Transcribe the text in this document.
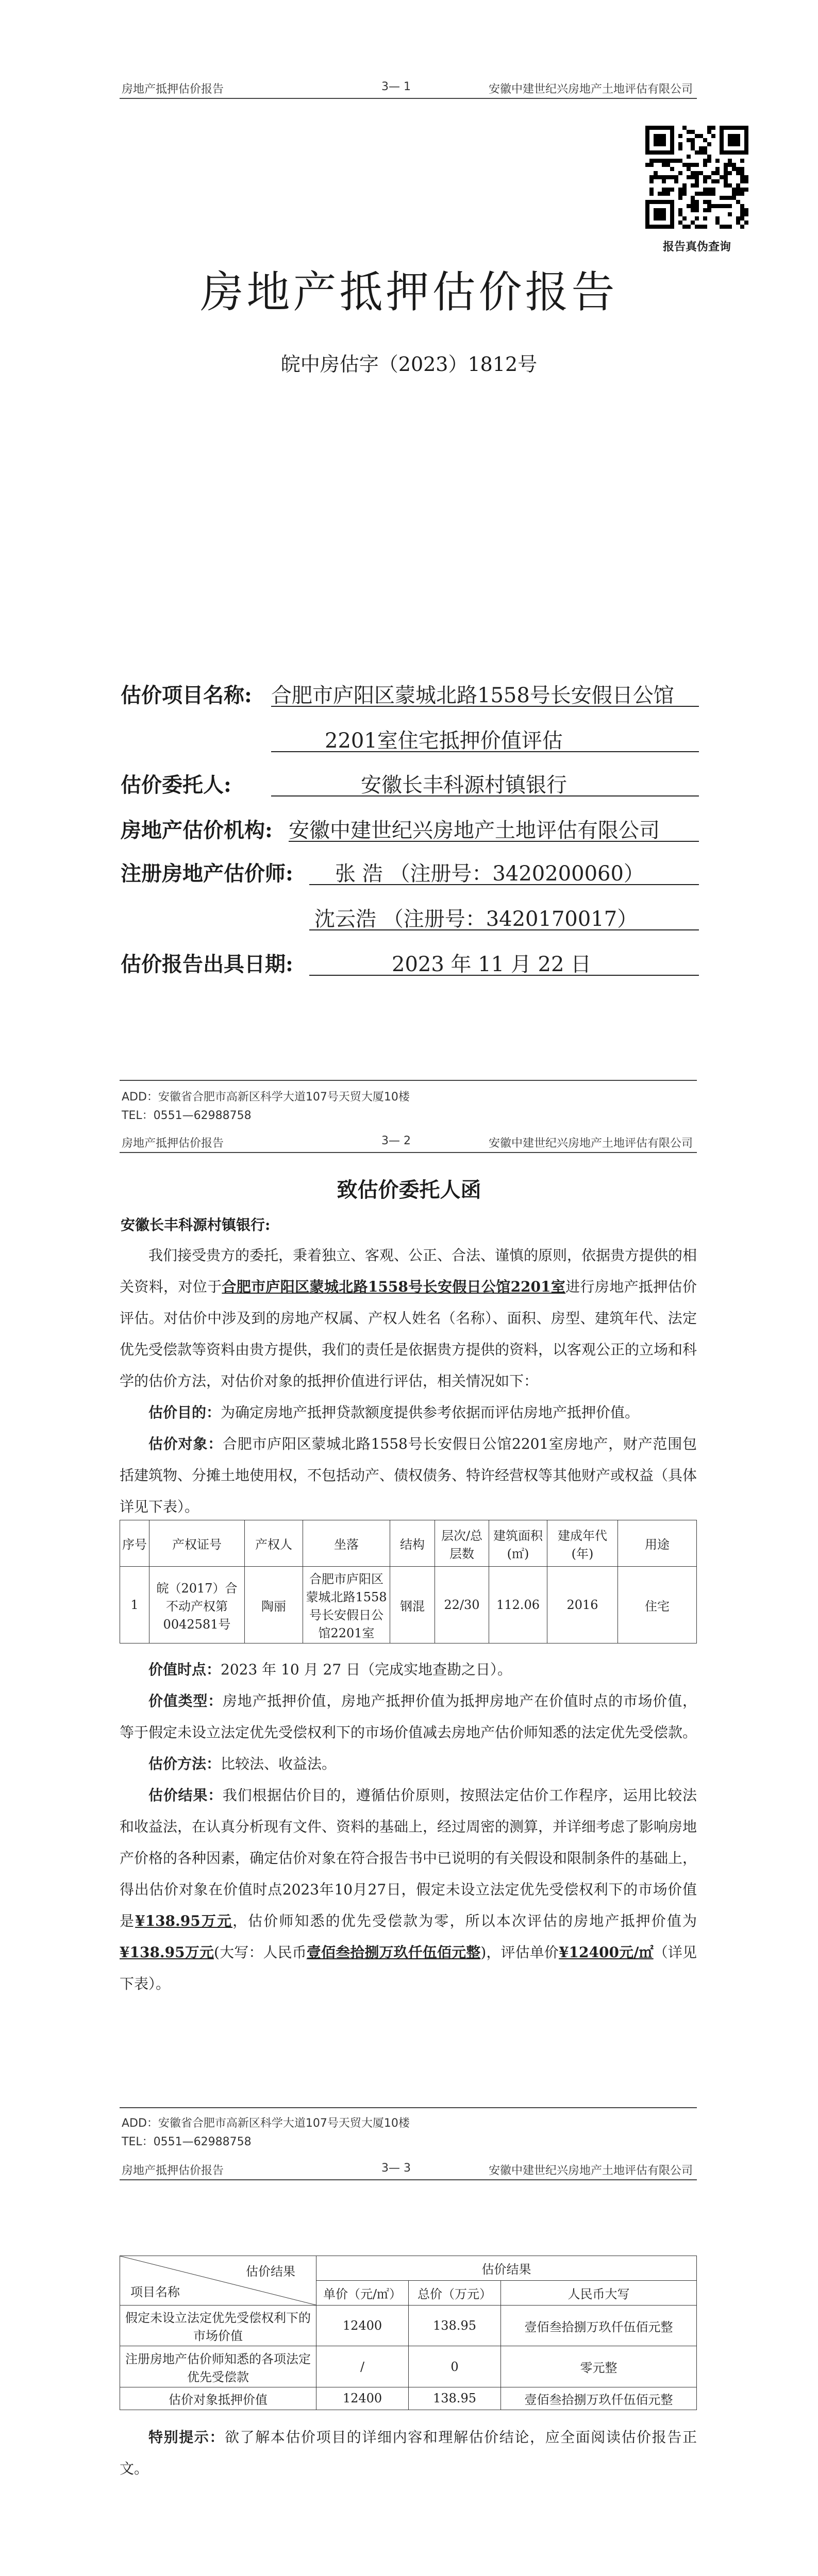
房地产抵押估价报告	3— 1	安徽中建世纪兴房地产土地评估有限公司
报告真伪查询
房地产抵押估价报告
皖中房估字（2023）1812号
估价项目名称: 合肥市庐阳区蒙城北路1558号长安假日公馆
2201室住宅抵押价值评估
估价委托人:	安徽长丰科源村镇银行
房地产估价机构: 安徽中建世纪兴房地产土地评估有限公司
注册房地产估价师: 张 浩 （注册号：3420200060）
沈云浩 （注册号：3420170017）
估价报告出具日期:	2023 年 11 月 22 日
ADD：安徽省合肥市高新区科学大道107号天贸大厦10楼
TEL：0551—62988758
房地产抵押估价报告	3— 2	安徽中建世纪兴房地产土地评估有限公司
致估价委托人函
安徽长丰科源村镇银行:

我们接受贵方的委托，秉着独立、客观、公正、合法、谨慎的原则，依据贵方提供的相关资料，对位于合肥市庐阳区蒙城北路1558号长安假日公馆2201室进行房地产抵押估价评估。对估价中涉及到的房地产权属、产权人姓名（名称）、面积、房型、建筑年代、法定优先受偿款等资料由贵方提供，我们的责任是依据贵方提供的资料，以客观公正的立场和科学的估价方法，对估价对象的抵押价值进行评估，相关情况如下：

估价目的：为确定房地产抵押贷款额度提供参考依据而评估房地产抵押价值。

估价对象：合肥市庐阳区蒙城北路1558号长安假日公馆2201室房地产，财产范围包括建筑物、分摊土地使用权，不包括动产、债权债务、特许经营权等其他财产或权益（具体详见下表）。

序号	产权证号	产权人	坐落	结构	层次/总层数	建筑面积(㎡)	建成年代(年)	用途
1	皖（2017）合不动产权第0042581号	陶丽	合肥市庐阳区蒙城北路1558号长安假日公馆2201室	钢混	22/30	112.06	2016	住宅

价值时点：2023 年 10 月 27 日（完成实地查勘之日）。

价值类型：房地产抵押价值，房地产抵押价值为抵押房地产在价值时点的市场价值，等于假定未设立法定优先受偿权利下的市场价值减去房地产估价师知悉的法定优先受偿款。

估价方法：比较法、收益法。

估价结果：我们根据估价目的，遵循估价原则，按照法定估价工作程序，运用比较法和收益法，在认真分析现有文件、资料的基础上，经过周密的测算，并详细考虑了影响房地产价格的各种因素，确定估价对象在符合报告书中已说明的有关假设和限制条件的基础上，得出估价对象在价值时点2023年10月27日，假定未设立法定优先受偿权利下的市场价值是¥138.95万元，估价师知悉的优先受偿款为零，所以本次评估的房地产抵押价值为¥138.95万元(大写：人民币壹佰叁拾捌万玖仟伍佰元整)，评估单价¥12400元/㎡（详见下表）。

ADD：安徽省合肥市高新区科学大道107号天贸大厦10楼
TEL：0551—62988758
房地产抵押估价报告	3— 3	安徽中建世纪兴房地产土地评估有限公司
估价结果
项目名称	估价结果		
	单价（元/㎡）	总价（万元）	人民币大写
假定未设立法定优先受偿权利下的市场价值	12400	138.95	壹佰叁拾捌万玖仟伍佰元整
注册房地产估价师知悉的各项法定优先受偿款	/	0	零元整
估价对象抵押价值	12400	138.95	壹佰叁拾捌万玖仟伍佰元整

特别提示：欲了解本估价项目的详细内容和理解估价结论，应全面阅读估价报告正文。
